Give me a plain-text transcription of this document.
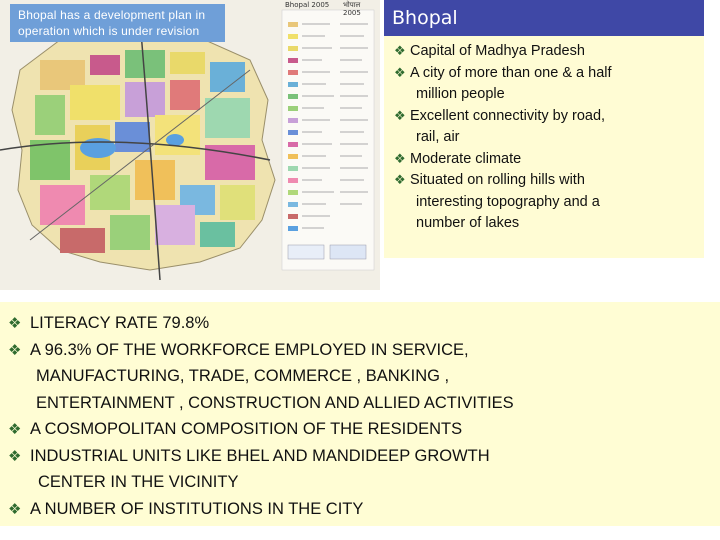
Bhopal 2005 भोपाल 2005
Bhopal has a development plan in operation which is under revision
Bhopal
❖ Capital of Madhya Pradesh
❖ A city of more than one & a half
million people
❖ Excellent connectivity by road,
rail, air
❖ Moderate climate
❖ Situated on rolling hills with
interesting topography and a
number of lakes
❖ LITERACY RATE 79.8%
❖ A 96.3% OF THE WORKFORCE EMPLOYED IN SERVICE,
MANUFACTURING, TRADE, COMMERCE , BANKING ,
ENTERTAINMENT , CONSTRUCTION AND ALLIED ACTIVITIES
❖ A COSMOPOLITAN COMPOSITION OF THE RESIDENTS
❖ INDUSTRIAL UNITS LIKE BHEL AND MANDIDEEP GROWTH
CENTER IN THE VICINITY
❖ A NUMBER OF INSTITUTIONS IN THE CITY
